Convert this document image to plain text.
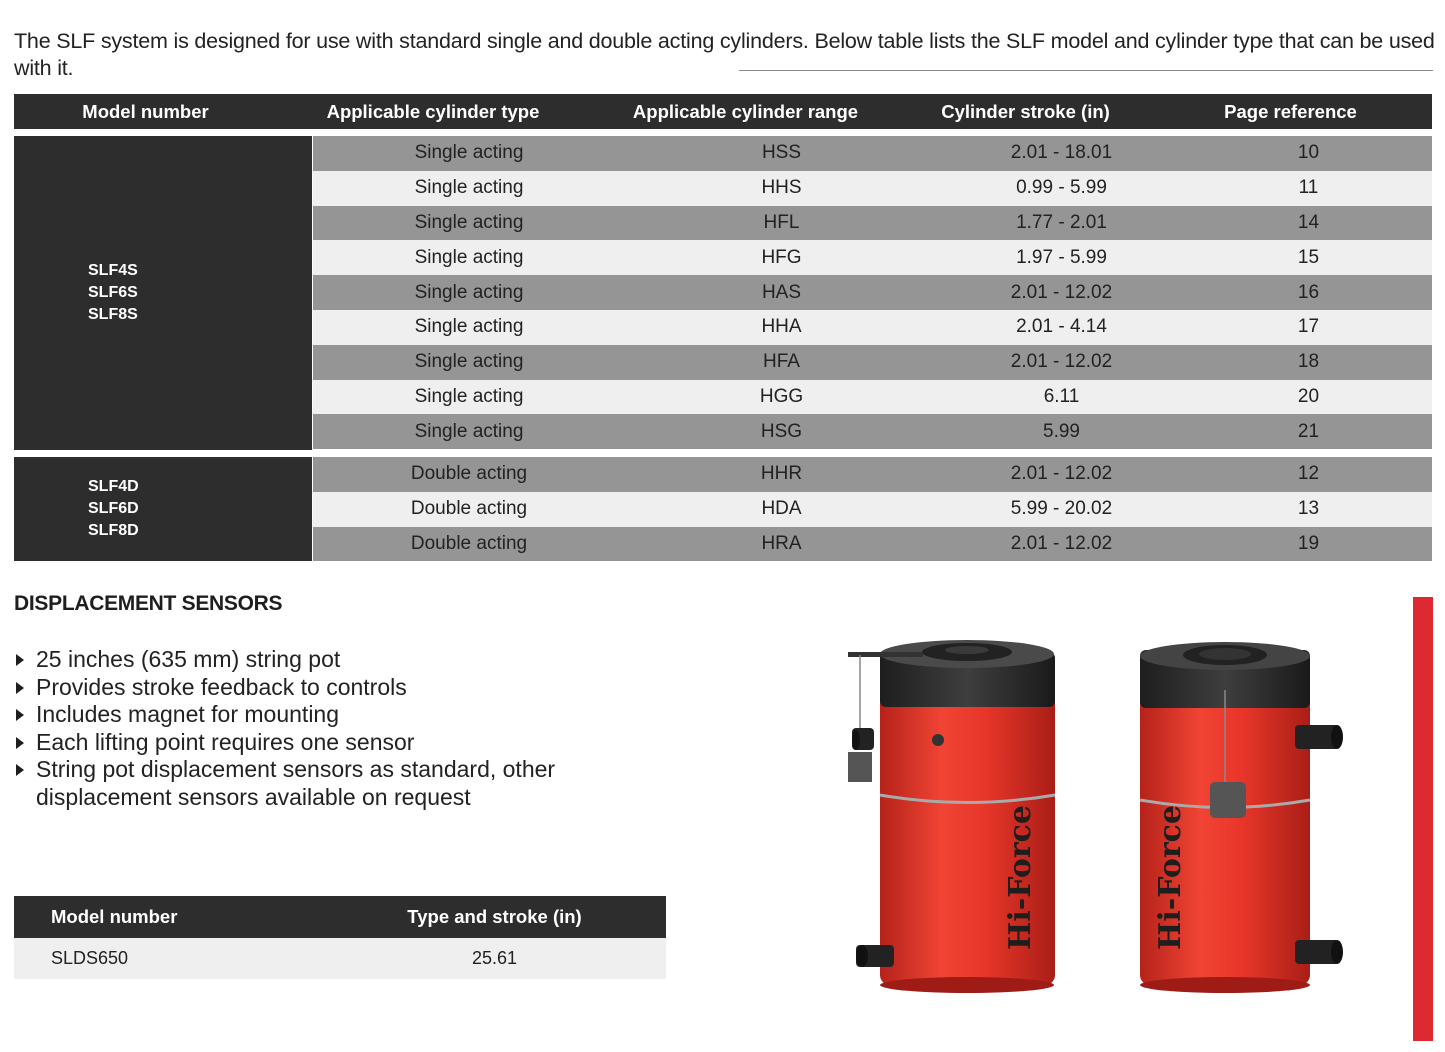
The SLF system is designed for use with standard single and double acting cylinders. Below table lists the SLF model and cylinder type that can be used with it.

Model number	Applicable cylinder type	Applicable cylinder range	Cylinder stroke (in)	Page reference
SLF4S
SLF6S
SLF8S
Single acting	HSS	2.01 - 18.01	10
Single acting	HHS	0.99 - 5.99	11
Single acting	HFL	1.77 - 2.01	14
Single acting	HFG	1.97 - 5.99	15
Single acting	HAS	2.01 - 12.02	16
Single acting	HHA	2.01 - 4.14	17
Single acting	HFA	2.01 - 12.02	18
Single acting	HGG	6.11	20
Single acting	HSG	5.99	21
SLF4D
SLF6D
SLF8D
Double acting	HHR	2.01 - 12.02	12
Double acting	HDA	5.99 - 20.02	13
Double acting	HRA	2.01 - 12.02	19
DISPLACEMENT SENSORS
25 inches (635 mm) string pot
Provides stroke feedback to controls
Includes magnet for mounting
Each lifting point requires one sensor
String pot displacement sensors as standard, other displacement sensors available on request
Model number	Type and stroke (in)
SLDS650	25.61
Hi-Force	Hi-Force
